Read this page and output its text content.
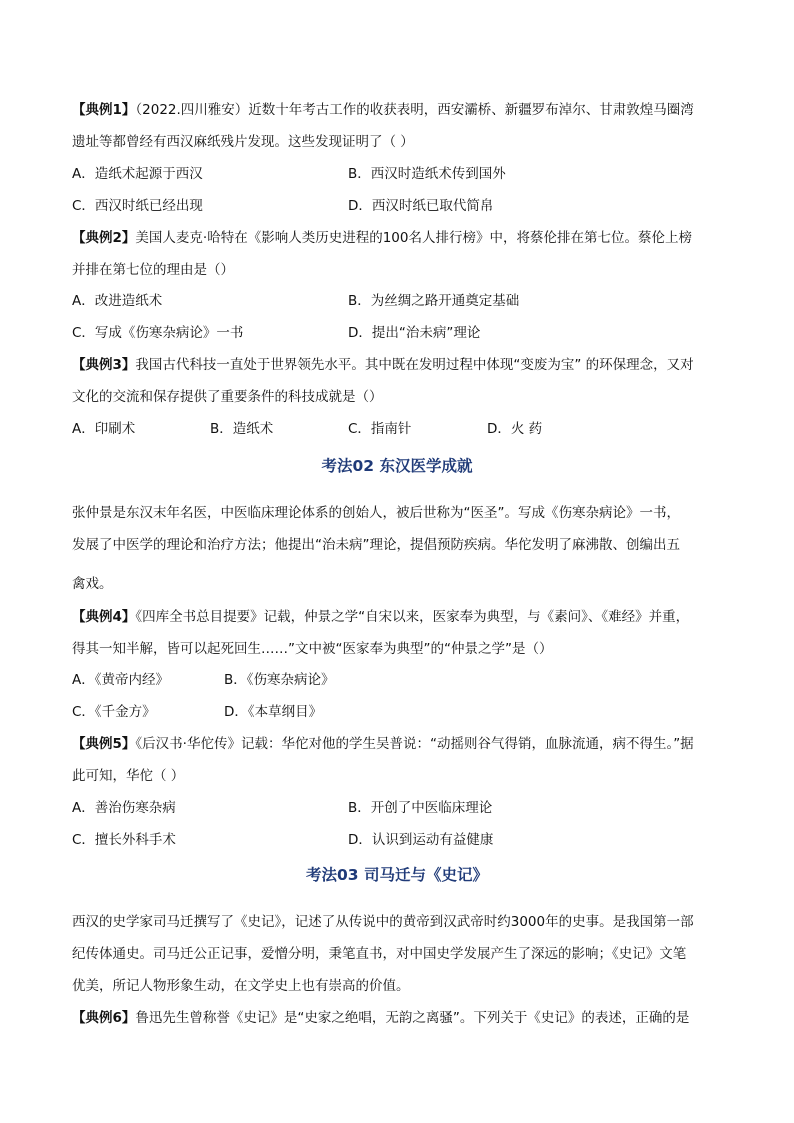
【典例1】（2022.四川雅安）近数十年考古工作的收获表明，西安灞桥、新疆罗布淖尔、甘肃敦煌马圈湾
遗址等都曾经有西汉麻纸残片发现。这些发现证明了（ ）
A．造纸术起源于西汉	B．西汉时造纸术传到国外
C．西汉时纸已经出现	D．西汉时纸已取代简帛
【典例2】美国人麦克·哈特在《影响人类历史进程的100名人排行榜》中，将蔡伦排在第七位。蔡伦上榜
并排在第七位的理由是（）
A．改进造纸术	B．为丝绸之路开通奠定基础
C．写成《伤寒杂病论》一书	D．提出“治未病”理论
【典例3】我国古代科技一直处于世界领先水平。其中既在发明过程中体现“变废为宝” 的环保理念，又对
文化的交流和保存提供了重要条件的科技成就是（）
A．印刷术	B．造纸术	C．指南针	D．火 药
考法02 东汉医学成就
张仲景是东汉末年名医，中医临床理论体系的创始人，被后世称为“医圣”。写成《伤寒杂病论》一书，
发展了中医学的理论和治疗方法；他提出“治未病”理论，提倡预防疾病。华佗发明了麻沸散、创编出五
禽戏。
【典例4】《四库全书总目提要》记载，仲景之学“自宋以来，医家奉为典型，与《素问》、《难经》并重，
得其一知半解，皆可以起死回生……”文中被“医家奉为典型”的“仲景之学”是（）
A．《黄帝内经》	B．《伤寒杂病论》
C．《千金方》	D．《本草纲目》
【典例5】《后汉书·华佗传》记载：华佗对他的学生吴普说：“动摇则谷气得销，血脉流通，病不得生。”据
此可知，华佗（ ）
A．善治伤寒杂病	B．开创了中医临床理论
C．擅长外科手术	D．认识到运动有益健康
考法03 司马迁与《史记》
西汉的史学家司马迁撰写了《史记》，记述了从传说中的黄帝到汉武帝时约3000年的史事。是我国第一部
纪传体通史。司马迁公正记事，爱憎分明，秉笔直书，对中国史学发展产生了深远的影响；《史记》文笔
优美，所记人物形象生动，在文学史上也有崇高的价值。
【典例6】鲁迅先生曾称誉《史记》是“史家之绝唱，无韵之离骚”。下列关于《史记》的表述，正确的是
